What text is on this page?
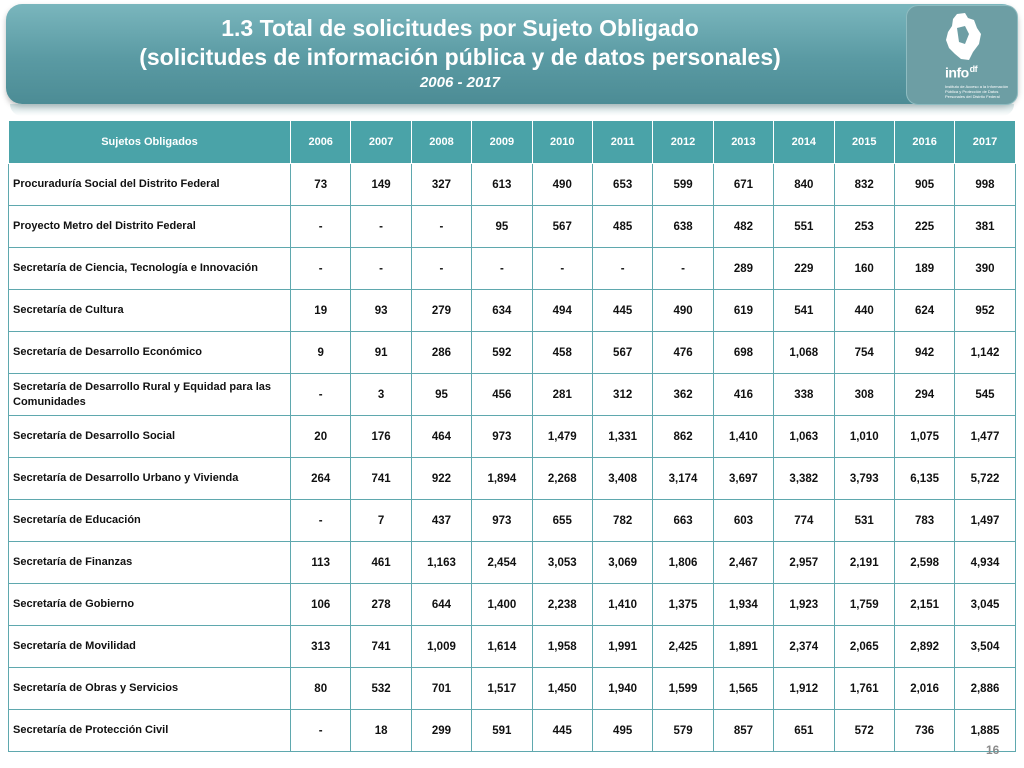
1.3 Total de solicitudes por Sujeto Obligado
(solicitudes de información pública y de datos personales)
2006 - 2017
info$^{df}$
Instituto de Acceso a la Información Pública y Protección de Datos Personales del Distrito Federal
Sujetos Obligados	2006	2007	2008	2009	2010	2011	2012	2013	2014	2015	2016	2017
Procuraduría Social del Distrito Federal	73	149	327	613	490	653	599	671	840	832	905	998
Proyecto Metro del Distrito Federal	-	-	-	95	567	485	638	482	551	253	225	381
Secretaría de Ciencia, Tecnología e Innovación	-	-	-	-	-	-	-	289	229	160	189	390
Secretaría de Cultura	19	93	279	634	494	445	490	619	541	440	624	952
Secretaría de Desarrollo Económico	9	91	286	592	458	567	476	698	1,068	754	942	1,142
Secretaría de Desarrollo Rural y Equidad para las Comunidades	-	3	95	456	281	312	362	416	338	308	294	545
Secretaría de Desarrollo Social	20	176	464	973	1,479	1,331	862	1,410	1,063	1,010	1,075	1,477
Secretaría de Desarrollo Urbano y Vivienda	264	741	922	1,894	2,268	3,408	3,174	3,697	3,382	3,793	6,135	5,722
Secretaría de Educación	-	7	437	973	655	782	663	603	774	531	783	1,497
Secretaría de Finanzas	113	461	1,163	2,454	3,053	3,069	1,806	2,467	2,957	2,191	2,598	4,934
Secretaría de Gobierno	106	278	644	1,400	2,238	1,410	1,375	1,934	1,923	1,759	2,151	3,045
Secretaría de Movilidad	313	741	1,009	1,614	1,958	1,991	2,425	1,891	2,374	2,065	2,892	3,504
Secretaría de Obras y Servicios	80	532	701	1,517	1,450	1,940	1,599	1,565	1,912	1,761	2,016	2,886
Secretaría de Protección Civil	-	18	299	591	445	495	579	857	651	572	736	1,885
16
